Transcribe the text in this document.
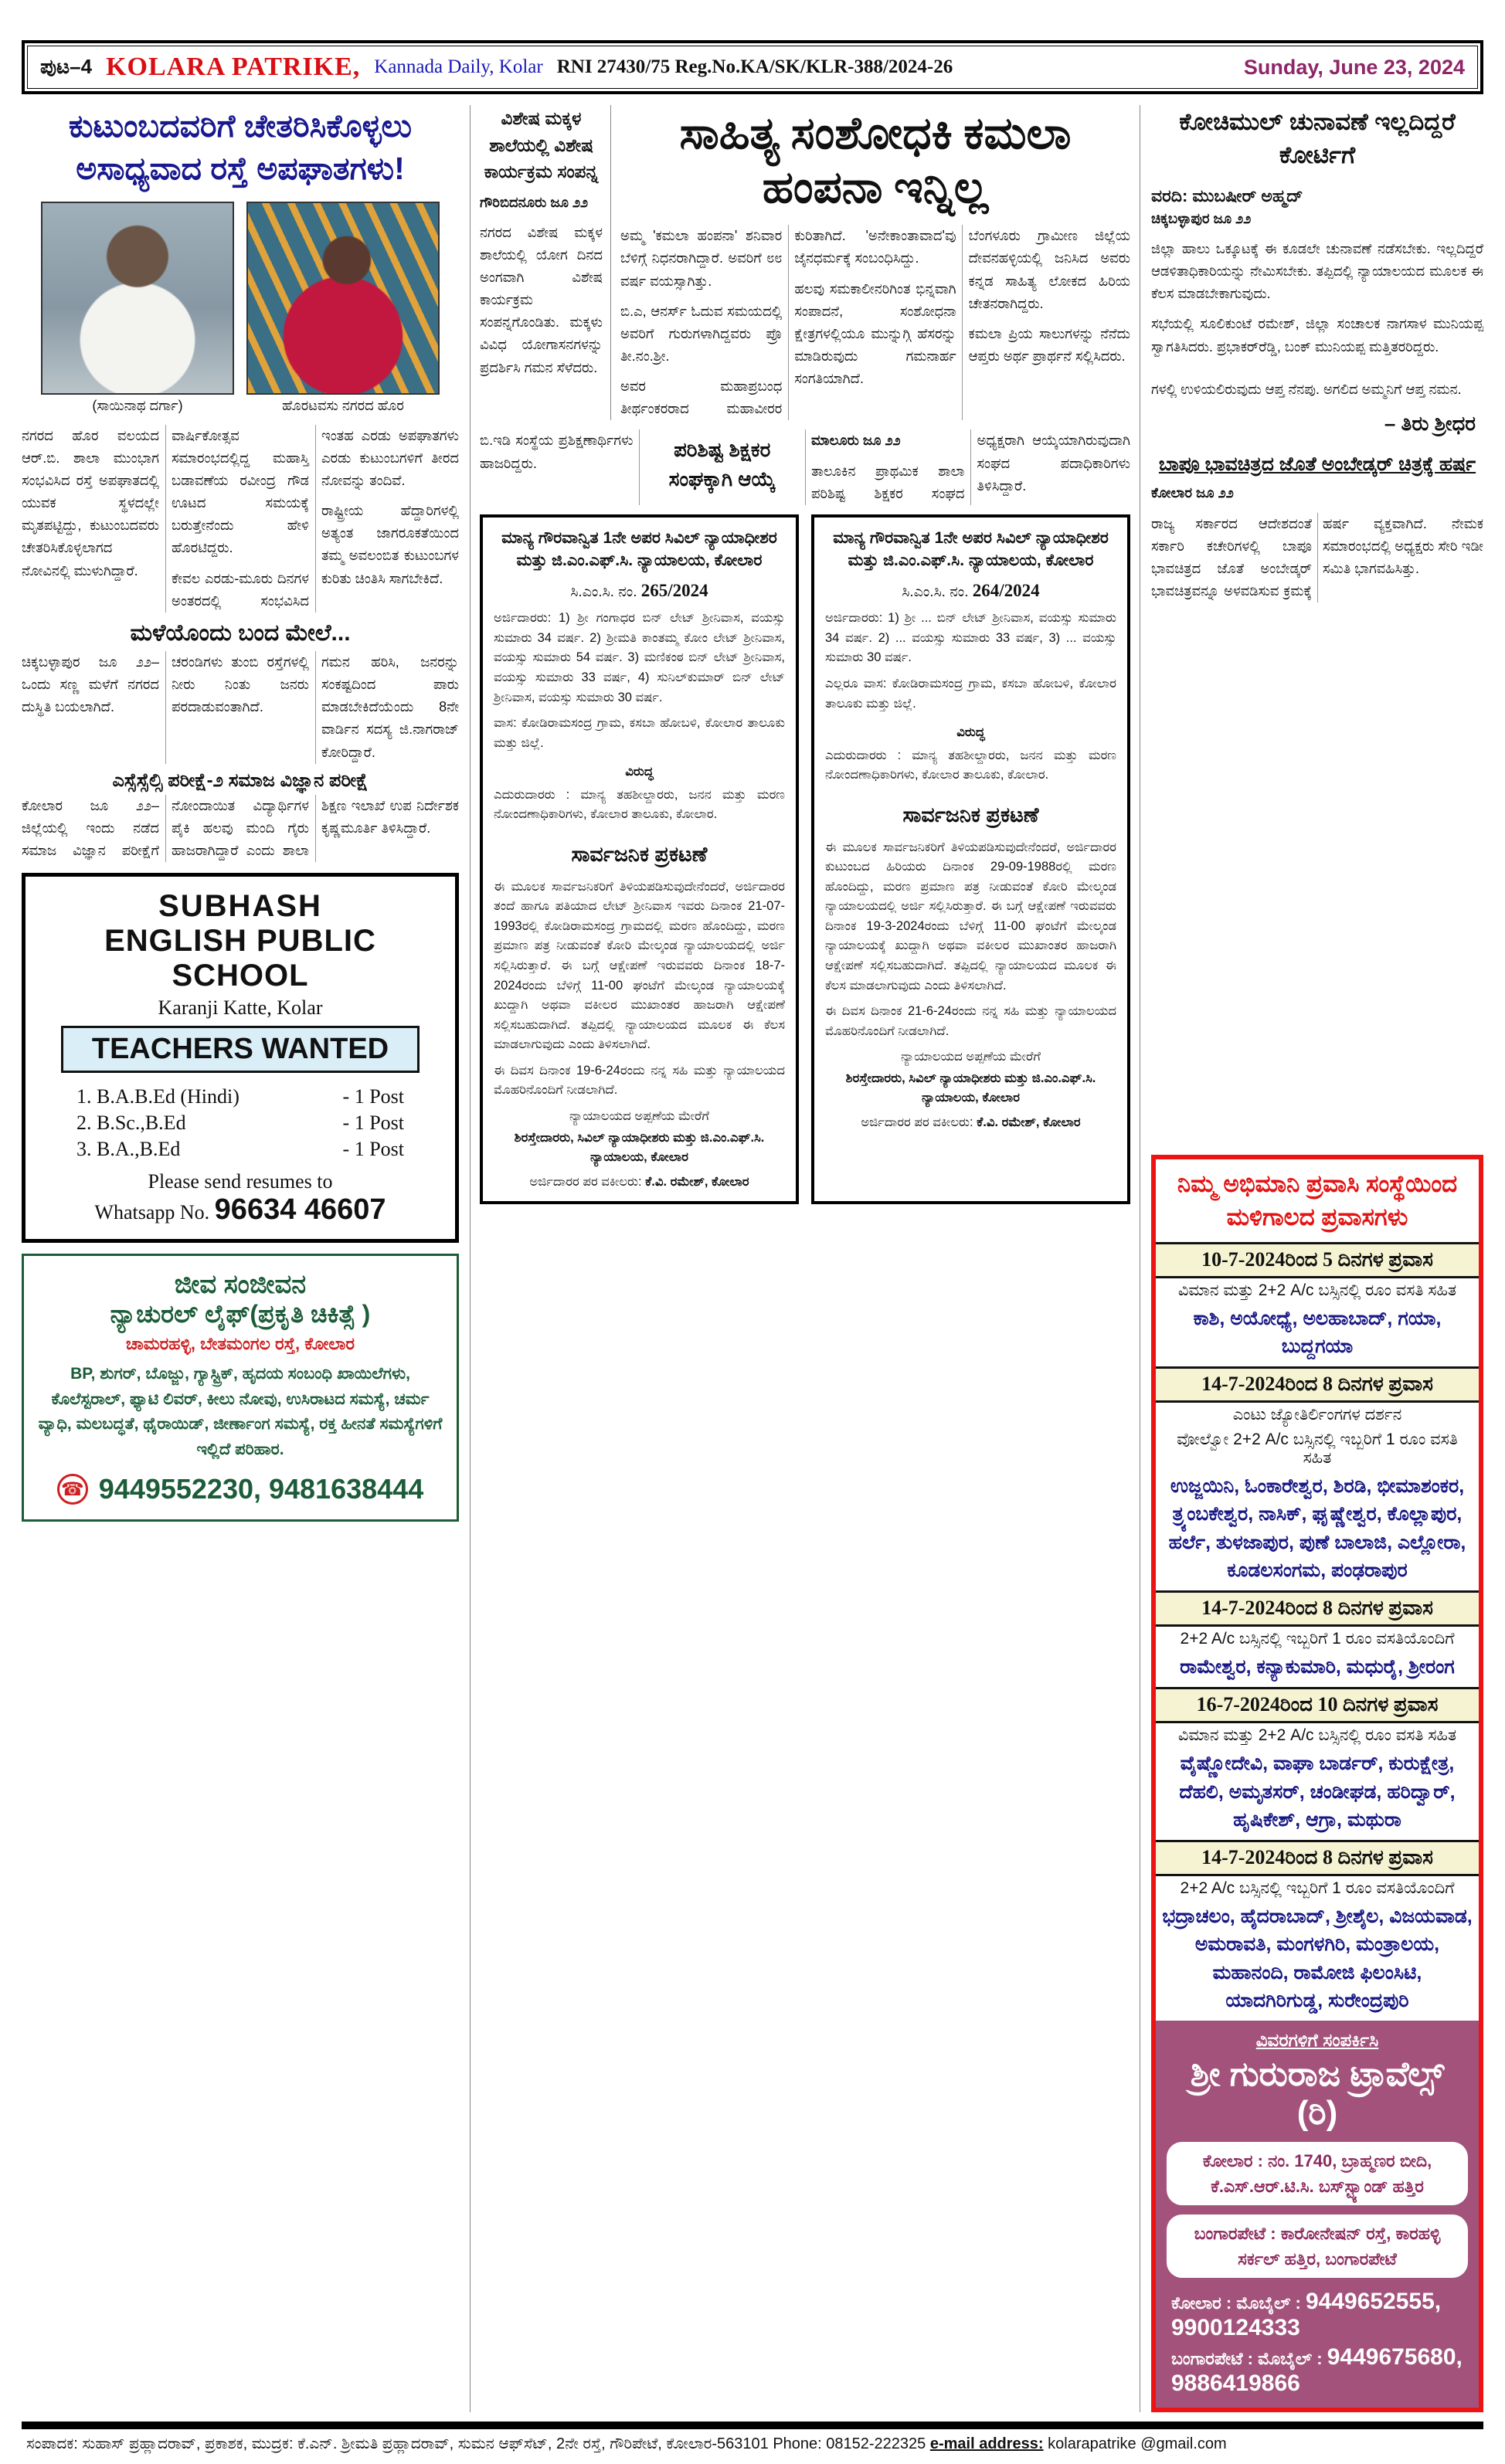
ಪುಟ–4 KOLARA PATRIKE, Kannada Daily, Kolar RNI 27430/75 Reg.No.KA/SK/KLR-388/2024-26	Sunday, June 23, 2024
ಕುಟುಂಬದವರಿಗೆ ಚೇತರಿಸಿಕೊಳ್ಳಲು ಅಸಾಧ್ಯವಾದ ರಸ್ತೆ ಅಪಘಾತಗಳು!
(ಸಾಯಿನಾಥ ದರ್ಗಾ)	ಹೊರಟವಸು ನಗರದ ಹೊರ

ನಗರದ ಹೊರ ವಲಯದ ಆರ್.ಬಿ. ಶಾಲಾ ಮುಂಭಾಗ ಸಂಭವಿಸಿದ ರಸ್ತೆ ಅಪಘಾತದಲ್ಲಿ ಯುವಕ ಸ್ಥಳದಲ್ಲೇ ಮೃತಪಟ್ಟಿದ್ದು, ಕುಟುಂಬದವರು ಚೇತರಿಸಿಕೊಳ್ಳಲಾಗದ ನೋವಿನಲ್ಲಿ ಮುಳುಗಿದ್ದಾರೆ.

ವಾರ್ಷಿಕೋತ್ಸವ ಸಮಾರಂಭದಲ್ಲಿದ್ದ ಮಹಾಸ್ತಿ ಬಡಾವಣೆಯ ರವೀಂದ್ರ ಗೌಡ ಊಟದ ಸಮಯಕ್ಕೆ ಬರುತ್ತೇನೆಂದು ಹೇಳಿ ಹೊರಟಿದ್ದರು.

ಕೇವಲ ಎರಡು-ಮೂರು ದಿನಗಳ ಅಂತರದಲ್ಲಿ ಸಂಭವಿಸಿದ ಇಂತಹ ಎರಡು ಅಪಘಾತಗಳು ಎರಡು ಕುಟುಂಬಗಳಿಗೆ ತೀರದ ನೋವನ್ನು ತಂದಿವೆ.

ರಾಷ್ಟ್ರೀಯ ಹೆದ್ದಾರಿಗಳಲ್ಲಿ ಅತ್ಯಂತ ಜಾಗರೂಕತೆಯಿಂದ ತಮ್ಮ ಅವಲಂಬಿತ ಕುಟುಂಬಗಳ ಕುರಿತು ಚಿಂತಿಸಿ ಸಾಗಬೇಕಿದೆ.

ಮಳೆಯೊಂದು ಬಂದ ಮೇಲೆ...

ಚಿಕ್ಕಬಳ್ಳಾಪುರ ಜೂ ೨೨– ಒಂದು ಸಣ್ಣ ಮಳೆಗೆ ನಗರದ ದುಸ್ಥಿತಿ ಬಯಲಾಗಿದೆ.

ಚರಂಡಿಗಳು ತುಂಬಿ ರಸ್ತೆಗಳಲ್ಲಿ ನೀರು ನಿಂತು ಜನರು ಪರದಾಡುವಂತಾಗಿದೆ.

ಗಮನ ಹರಿಸಿ, ಜನರನ್ನು ಸಂಕಷ್ಟದಿಂದ ಪಾರು ಮಾಡಬೇಕಿದೆಯೆಂದು 8ನೇ ವಾರ್ಡಿನ ಸದಸ್ಯ ಜಿ.ನಾಗರಾಜ್ ಕೋರಿದ್ದಾರೆ.

ಎಸ್ಸೆಸ್ಸೆಲ್ಸಿ ಪರೀಕ್ಷೆ-೨ ಸಮಾಜ ವಿಜ್ಞಾನ ಪರೀಕ್ಷೆ

ಕೋಲಾರ ಜೂ ೨೨– ಜಿಲ್ಲೆಯಲ್ಲಿ ಇಂದು ನಡೆದ ಸಮಾಜ ವಿಜ್ಞಾನ ಪರೀಕ್ಷೆಗೆ ನೋಂದಾಯಿತ ವಿದ್ಯಾರ್ಥಿಗಳ ಪೈಕಿ ಹಲವು ಮಂದಿ ಗೈರು ಹಾಜರಾಗಿದ್ದಾರೆ ಎಂದು ಶಾಲಾ ಶಿಕ್ಷಣ ಇಲಾಖೆ ಉಪ ನಿರ್ದೇಶಕ ಕೃಷ್ಣಮೂರ್ತಿ ತಿಳಿಸಿದ್ದಾರೆ.

SUBHASH
ENGLISH PUBLIC SCHOOL
Karanji Katte, Kolar
TEACHERS WANTED
1. B.A.B.Ed (Hindi)	- 1 Post
2. B.Sc.,B.Ed	- 1 Post
3. B.A.,B.Ed	- 1 Post
Please send resumes to
Whatsapp No. 96634 46607
ಜೀವ ಸಂಜೀವನ
ನ್ಯಾಚುರಲ್ ಲೈಫ್(ಪ್ರಕೃತಿ ಚಿಕಿತ್ಸೆ )
ಚಾಮರಹಳ್ಳಿ, ಬೇತಮಂಗಲ ರಸ್ತೆ, ಕೋಲಾರ
BP, ಶುಗರ್, ಬೊಜ್ಜು, ಗ್ಯಾಸ್ಟ್ರಿಕ್, ಹೃದಯ ಸಂಬಂಧಿ ಖಾಯಿಲೆಗಳು, ಕೊಲೆಸ್ಟರಾಲ್, ಫ್ಯಾಟಿ ಲಿವರ್, ಕೀಲು ನೋವು, ಉಸಿರಾಟದ ಸಮಸ್ಯೆ, ಚರ್ಮ ವ್ಯಾಧಿ, ಮಲಬದ್ಧತೆ, ಥೈರಾಯಿಡ್, ಜೀರ್ಣಾಂಗ ಸಮಸ್ಯೆ, ರಕ್ತ ಹೀನತೆ ಸಮಸ್ಯೆಗಳಿಗೆ ಇಲ್ಲಿದೆ ಪರಿಹಾರ.
☎ 9449552230, 9481638444
ವಿಶೇಷ ಮಕ್ಕಳ ಶಾಲೆಯಲ್ಲಿ ವಿಶೇಷ ಕಾರ್ಯಕ್ರಮ ಸಂಪನ್ನ

ಗೌರಿಬಿದನೂರು ಜೂ ೨೨

ನಗರದ ವಿಶೇಷ ಮಕ್ಕಳ ಶಾಲೆಯಲ್ಲಿ ಯೋಗ ದಿನದ ಅಂಗವಾಗಿ ವಿಶೇಷ ಕಾರ್ಯಕ್ರಮ ಸಂಪನ್ನಗೊಂಡಿತು. ಮಕ್ಕಳು ವಿವಿಧ ಯೋಗಾಸನಗಳನ್ನು ಪ್ರದರ್ಶಿಸಿ ಗಮನ ಸೆಳೆದರು.

ಸಾಹಿತ್ಯ ಸಂಶೋಧಕಿ ಕಮಲಾ ಹಂಪನಾ ಇನ್ನಿಲ್ಲ

ಅಮ್ಮ 'ಕಮಲಾ ಹಂಪನಾ' ಶನಿವಾರ ಬೆಳಿಗ್ಗೆ ನಿಧನರಾಗಿದ್ದಾರೆ. ಅವರಿಗೆ ೮೮ ವರ್ಷ ವಯಸ್ಸಾಗಿತ್ತು.

ಬಿ.ಎ, ಆನರ್ಸ್ ಓದುವ ಸಮಯದಲ್ಲಿ ಅವರಿಗೆ ಗುರುಗಳಾಗಿದ್ದವರು ಪ್ರೊ ತೀ.ನಂ.ಶ್ರೀ.

ಅವರ ಮಹಾಪ್ರಬಂಧ ತೀರ್ಥಂಕರರಾದ ಮಹಾವೀರರ ಕುರಿತಾಗಿದೆ. 'ಅನೇಕಾಂತಾವಾದ'ವು ಜೈನಧರ್ಮಕ್ಕೆ ಸಂಬಂಧಿಸಿದ್ದು.

ಹಲವು ಸಮಕಾಲೀನರಿಗಿಂತ ಭಿನ್ನವಾಗಿ ಸಂಪಾದನೆ, ಸಂಶೋಧನಾ ಕ್ಷೇತ್ರಗಳಲ್ಲಿಯೂ ಮುನ್ನುಗ್ಗಿ ಹೆಸರನ್ನು ಮಾಡಿರುವುದು ಗಮನಾರ್ಹ ಸಂಗತಿಯಾಗಿದೆ.

ಬೆಂಗಳೂರು ಗ್ರಾಮೀಣ ಜಿಲ್ಲೆಯ ದೇವನಹಳ್ಳಿಯಲ್ಲಿ ಜನಿಸಿದ ಅವರು ಕನ್ನಡ ಸಾಹಿತ್ಯ ಲೋಕದ ಹಿರಿಯ ಚೇತನರಾಗಿದ್ದರು.

ಕಮಲಾ ಪ್ರಿಯ ಸಾಲುಗಳನ್ನು ನೆನೆದು ಆಪ್ತರು ಅರ್ಥ ಪ್ರಾರ್ಥನೆ ಸಲ್ಲಿಸಿದರು.

ಬಿ.ಇಡಿ ಸಂಸ್ಥೆಯ ಪ್ರಶಿಕ್ಷಣಾರ್ಥಿಗಳು ಹಾಜರಿದ್ದರು.

ಪರಿಶಿಷ್ಟ ಶಿಕ್ಷಕರ ಸಂಘಕ್ಕಾಗಿ ಆಯ್ಕೆ

ಮಾಲೂರು ಜೂ ೨೨

ತಾಲೂಕಿನ ಪ್ರಾಥಮಿಕ ಶಾಲಾ ಪರಿಶಿಷ್ಟ ಶಿಕ್ಷಕರ ಸಂಘದ ಅಧ್ಯಕ್ಷರಾಗಿ ಆಯ್ಕೆಯಾಗಿರುವುದಾಗಿ ಸಂಘದ ಪದಾಧಿಕಾರಿಗಳು ತಿಳಿಸಿದ್ದಾರೆ.

ಮಾನ್ಯ ಗೌರವಾನ್ವಿತ 1ನೇ ಅಪರ ಸಿವಿಲ್ ನ್ಯಾಯಾಧೀಶರ ಮತ್ತು ಜಿ.ಎಂ.ಎಫ್.ಸಿ. ನ್ಯಾಯಾಲಯ, ಕೋಲಾರ
ಸಿ.ಎಂ.ಸಿ. ನಂ. 265/2024
ಅರ್ಜಿದಾರರು: 1) ಶ್ರೀ ಗಂಗಾಧರ ಬಿನ್ ಲೇಟ್ ಶ್ರೀನಿವಾಸ, ವಯಸ್ಸು ಸುಮಾರು 34 ವರ್ಷ. 2) ಶ್ರೀಮತಿ ಕಾಂತಮ್ಮ ಕೋಂ ಲೇಟ್ ಶ್ರೀನಿವಾಸ, ವಯಸ್ಸು ಸುಮಾರು 54 ವರ್ಷ. 3) ಮಣಿಕಂಠ ಬಿನ್ ಲೇಟ್ ಶ್ರೀನಿವಾಸ, ವಯಸ್ಸು ಸುಮಾರು 33 ವರ್ಷ, 4) ಸುನಿಲ್‌ಕುಮಾರ್ ಬಿನ್ ಲೇಟ್ ಶ್ರೀನಿವಾಸ, ವಯಸ್ಸು ಸುಮಾರು 30 ವರ್ಷ.
ವಾಸ: ಕೋಡಿರಾಮಸಂದ್ರ ಗ್ರಾಮ, ಕಸಬಾ ಹೋಬಳಿ, ಕೋಲಾರ ತಾಲೂಕು ಮತ್ತು ಜಿಲ್ಲೆ.
ವಿರುದ್ಧ
ಎದುರುದಾರರು : ಮಾನ್ಯ ತಹಶೀಲ್ದಾರರು, ಜನನ ಮತ್ತು ಮರಣ ನೋಂದಣಾಧಿಕಾರಿಗಳು, ಕೋಲಾರ ತಾಲೂಕು, ಕೋಲಾರ.
ಸಾರ್ವಜನಿಕ ಪ್ರಕಟಣೆ
ಈ ಮೂಲಕ ಸಾರ್ವಜನಿಕರಿಗೆ ತಿಳಿಯಪಡಿಸುವುದೇನೆಂದರೆ, ಅರ್ಜಿದಾರರ ತಂದೆ ಹಾಗೂ ಪತಿಯಾದ ಲೇಟ್ ಶ್ರೀನಿವಾಸ ಇವರು ದಿನಾಂಕ 21-07-1993ರಲ್ಲಿ ಕೋಡಿರಾಮಸಂದ್ರ ಗ್ರಾಮದಲ್ಲಿ ಮರಣ ಹೊಂದಿದ್ದು, ಮರಣ ಪ್ರಮಾಣ ಪತ್ರ ನೀಡುವಂತೆ ಕೋರಿ ಮೇಲ್ಕಂಡ ನ್ಯಾಯಾಲಯದಲ್ಲಿ ಅರ್ಜಿ ಸಲ್ಲಿಸಿರುತ್ತಾರೆ. ಈ ಬಗ್ಗೆ ಆಕ್ಷೇಪಣೆ ಇರುವವರು ದಿನಾಂಕ 18-7-2024ರಂದು ಬೆಳಿಗ್ಗೆ 11-00 ಘಂಟೆಗೆ ಮೇಲ್ಕಂಡ ನ್ಯಾಯಾಲಯಕ್ಕೆ ಖುದ್ದಾಗಿ ಅಥವಾ ವಕೀಲರ ಮುಖಾಂತರ ಹಾಜರಾಗಿ ಆಕ್ಷೇಪಣೆ ಸಲ್ಲಿಸಬಹುದಾಗಿದೆ. ತಪ್ಪಿದಲ್ಲಿ ನ್ಯಾಯಾಲಯದ ಮೂಲಕ ಈ ಕೆಲಸ ಮಾಡಲಾಗುವುದು ಎಂದು ತಿಳಿಸಲಾಗಿದೆ.
ಈ ದಿವಸ ದಿನಾಂಕ 19-6-24ರಂದು ನನ್ನ ಸಹಿ ಮತ್ತು ನ್ಯಾಯಾಲಯದ ಮೊಹರಿನೊಂದಿಗೆ ನೀಡಲಾಗಿದೆ.
ನ್ಯಾಯಾಲಯದ ಅಪ್ಪಣೆಯ ಮೇರೆಗೆ
ಶಿರಸ್ತೇದಾರರು, ಸಿವಿಲ್ ನ್ಯಾಯಾಧೀಶರು ಮತ್ತು ಜಿ.ಎಂ.ಎಫ್.ಸಿ. ನ್ಯಾಯಾಲಯ, ಕೋಲಾರ
ಅರ್ಜಿದಾರರ ಪರ ವಕೀಲರು: ಕೆ.ವಿ. ರಮೇಶ್, ಕೋಲಾರ
ಮಾನ್ಯ ಗೌರವಾನ್ವಿತ 1ನೇ ಅಪರ ಸಿವಿಲ್ ನ್ಯಾಯಾಧೀಶರ ಮತ್ತು ಜಿ.ಎಂ.ಎಫ್.ಸಿ. ನ್ಯಾಯಾಲಯ, ಕೋಲಾರ
ಸಿ.ಎಂ.ಸಿ. ನಂ. 264/2024
ಅರ್ಜಿದಾರರು: 1) ಶ್ರೀ ... ಬಿನ್ ಲೇಟ್ ಶ್ರೀನಿವಾಸ, ವಯಸ್ಸು ಸುಮಾರು 34 ವರ್ಷ. 2) ... ವಯಸ್ಸು ಸುಮಾರು 33 ವರ್ಷ, 3) ... ವಯಸ್ಸು ಸುಮಾರು 30 ವರ್ಷ.
ಎಲ್ಲರೂ ವಾಸ: ಕೋಡಿರಾಮಸಂದ್ರ ಗ್ರಾಮ, ಕಸಬಾ ಹೋಬಳಿ, ಕೋಲಾರ ತಾಲೂಕು ಮತ್ತು ಜಿಲ್ಲೆ.
ವಿರುದ್ಧ
ಎದುರುದಾರರು : ಮಾನ್ಯ ತಹಶೀಲ್ದಾರರು, ಜನನ ಮತ್ತು ಮರಣ ನೋಂದಣಾಧಿಕಾರಿಗಳು, ಕೋಲಾರ ತಾಲೂಕು, ಕೋಲಾರ.
ಸಾರ್ವಜನಿಕ ಪ್ರಕಟಣೆ
ಈ ಮೂಲಕ ಸಾರ್ವಜನಿಕರಿಗೆ ತಿಳಿಯಪಡಿಸುವುದೇನೆಂದರೆ, ಅರ್ಜಿದಾರರ ಕುಟುಂಬದ ಹಿರಿಯರು ದಿನಾಂಕ 29-09-1988ರಲ್ಲಿ ಮರಣ ಹೊಂದಿದ್ದು, ಮರಣ ಪ್ರಮಾಣ ಪತ್ರ ನೀಡುವಂತೆ ಕೋರಿ ಮೇಲ್ಕಂಡ ನ್ಯಾಯಾಲಯದಲ್ಲಿ ಅರ್ಜಿ ಸಲ್ಲಿಸಿರುತ್ತಾರೆ. ಈ ಬಗ್ಗೆ ಆಕ್ಷೇಪಣೆ ಇರುವವರು ದಿನಾಂಕ 19-3-2024ರಂದು ಬೆಳಿಗ್ಗೆ 11-00 ಘಂಟೆಗೆ ಮೇಲ್ಕಂಡ ನ್ಯಾಯಾಲಯಕ್ಕೆ ಖುದ್ದಾಗಿ ಅಥವಾ ವಕೀಲರ ಮುಖಾಂತರ ಹಾಜರಾಗಿ ಆಕ್ಷೇಪಣೆ ಸಲ್ಲಿಸಬಹುದಾಗಿದೆ. ತಪ್ಪಿದಲ್ಲಿ ನ್ಯಾಯಾಲಯದ ಮೂಲಕ ಈ ಕೆಲಸ ಮಾಡಲಾಗುವುದು ಎಂದು ತಿಳಿಸಲಾಗಿದೆ.
ಈ ದಿವಸ ದಿನಾಂಕ 21-6-24ರಂದು ನನ್ನ ಸಹಿ ಮತ್ತು ನ್ಯಾಯಾಲಯದ ಮೊಹರಿನೊಂದಿಗೆ ನೀಡಲಾಗಿದೆ.
ನ್ಯಾಯಾಲಯದ ಅಪ್ಪಣೆಯ ಮೇರೆಗೆ
ಶಿರಸ್ತೇದಾರರು, ಸಿವಿಲ್ ನ್ಯಾಯಾಧೀಶರು ಮತ್ತು ಜಿ.ಎಂ.ಎಫ್.ಸಿ. ನ್ಯಾಯಾಲಯ, ಕೋಲಾರ
ಅರ್ಜಿದಾರರ ಪರ ವಕೀಲರು: ಕೆ.ವಿ. ರಮೇಶ್, ಕೋಲಾರ
ಕೋಚಿಮುಲ್ ಚುನಾವಣೆ ಇಲ್ಲದಿದ್ದರೆ ಕೋರ್ಟಿಗೆ
ವರದಿ: ಮುಬಷೀರ್ ಅಹ್ಮದ್

ಚಿಕ್ಕಬಳ್ಳಾಪುರ ಜೂ ೨೨

ಜಿಲ್ಲಾ ಹಾಲು ಒಕ್ಕೂಟಕ್ಕೆ ಈ ಕೂಡಲೇ ಚುನಾವಣೆ ನಡೆಸಬೇಕು. ಇಲ್ಲದಿದ್ದರೆ ಆಡಳಿತಾಧಿಕಾರಿಯನ್ನು ನೇಮಿಸಬೇಕು. ತಪ್ಪಿದಲ್ಲಿ ನ್ಯಾಯಾಲಯದ ಮೂಲಕ ಈ ಕೆಲಸ ಮಾಡಬೇಕಾಗುವುದು.

ಸಭೆಯಲ್ಲಿ ಸೂಲಿಕುಂಟೆ ರಮೇಶ್, ಜಿಲ್ಲಾ ಸಂಚಾಲಕ ನಾಗಸಾಳ ಮುನಿಯಪ್ಪ ಸ್ವಾಗತಿಸಿದರು. ಪ್ರಭಾಕರ್‌ರೆಡ್ಡಿ, ಬಂಕ್ ಮುನಿಯಪ್ಪ ಮತ್ತಿತರರಿದ್ದರು.

ಗಳಲ್ಲಿ ಉಳಿಯಲಿರುವುದು ಆಪ್ತ ನೆನಪು. ಅಗಲಿದ ಅಮ್ಮನಿಗೆ ಆಪ್ತ ನಮನ.

– ತಿರು ಶ್ರೀಧರ
ಬಾಪೂ ಭಾವಚಿತ್ರದ ಜೊತೆ ಅಂಬೇಡ್ಕರ್ ಚಿತ್ರಕ್ಕೆ ಹರ್ಷ

ಕೋಲಾರ ಜೂ ೨೨

ರಾಜ್ಯ ಸರ್ಕಾರದ ಆದೇಶದಂತೆ ಸರ್ಕಾರಿ ಕಚೇರಿಗಳಲ್ಲಿ ಬಾಪೂ ಭಾವಚಿತ್ರದ ಜೊತೆ ಅಂಬೇಡ್ಕರ್ ಭಾವಚಿತ್ರವನ್ನೂ ಅಳವಡಿಸುವ ಕ್ರಮಕ್ಕೆ ಹರ್ಷ ವ್ಯಕ್ತವಾಗಿದೆ. ನೇಮಕ ಸಮಾರಂಭದಲ್ಲಿ ಅಧ್ಯಕ್ಷರು ಸೇರಿ ಇಡೀ ಸಮಿತಿ ಭಾಗವಹಿಸಿತ್ತು.

ನಿಮ್ಮ ಅಭಿಮಾನಿ ಪ್ರವಾಸಿ ಸಂಸ್ಥೆಯಿಂದ
ಮಳಿಗಾಲದ ಪ್ರವಾಸಗಳು
10-7-2024ರಿಂದ 5 ದಿನಗಳ ಪ್ರವಾಸ
ವಿಮಾನ ಮತ್ತು 2+2 A/c ಬಸ್ಸಿನಲ್ಲಿ ರೂಂ ವಸತಿ ಸಹಿತ
ಕಾಶಿ, ಅಯೋಧ್ಯೆ, ಅಲಹಾಬಾದ್, ಗಯಾ, ಬುದ್ದಗಯಾ
14-7-2024ರಿಂದ 8 ದಿನಗಳ ಪ್ರವಾಸ
ಎಂಟು ಜ್ಯೋತಿರ್ಲಿಂಗಗಳ ದರ್ಶನ
ವೋಲ್ವೋ 2+2 A/c ಬಸ್ಸಿನಲ್ಲಿ ಇಬ್ಬರಿಗೆ 1 ರೂಂ ವಸತಿ ಸಹಿತ
ಉಜ್ಜಯಿನಿ, ಓಂಕಾರೇಶ್ವರ, ಶಿರಡಿ, ಭೀಮಾಶಂಕರ, ತ್ರ್ಯಂಬಕೇಶ್ವರ, ನಾಸಿಕ್, ಘೃಷ್ಣೇಶ್ವರ, ಕೊಲ್ಲಾಪುರ, ಹರ್ಲೆ, ತುಳಜಾಪುರ, ಪುಣೆ ಬಾಲಾಜಿ, ಎಲ್ಲೋರಾ, ಕೂಡಲಸಂಗಮ, ಪಂಢರಾಪುರ
14-7-2024ರಿಂದ 8 ದಿನಗಳ ಪ್ರವಾಸ
2+2 A/c ಬಸ್ಸಿನಲ್ಲಿ ಇಬ್ಬರಿಗೆ 1 ರೂಂ ವಸತಿಯೊಂದಿಗೆ
ರಾಮೇಶ್ವರ, ಕನ್ಯಾಕುಮಾರಿ, ಮಧುರೈ, ಶ್ರೀರಂಗ
16-7-2024ರಿಂದ 10 ದಿನಗಳ ಪ್ರವಾಸ
ವಿಮಾನ ಮತ್ತು 2+2 A/c ಬಸ್ಸಿನಲ್ಲಿ ರೂಂ ವಸತಿ ಸಹಿತ
ವೈಷ್ಣೋದೇವಿ, ವಾಘಾ ಬಾರ್ಡರ್, ಕುರುಕ್ಷೇತ್ರ, ದೆಹಲಿ, ಅಮೃತಸರ್, ಚಂಡೀಘಡ, ಹರಿದ್ವಾರ್, ಹೃಷಿಕೇಶ್, ಆಗ್ರಾ, ಮಥುರಾ
14-7-2024ರಿಂದ 8 ದಿನಗಳ ಪ್ರವಾಸ
2+2 A/c ಬಸ್ಸಿನಲ್ಲಿ ಇಬ್ಬರಿಗೆ 1 ರೂಂ ವಸತಿಯೊಂದಿಗೆ
ಭದ್ರಾಚಲಂ, ಹೈದರಾಬಾದ್, ಶ್ರೀಶೈಲ, ವಿಜಯವಾಡ, ಅಮರಾವತಿ, ಮಂಗಳಗಿರಿ, ಮಂತ್ರಾಲಯ, ಮಹಾನಂದಿ, ರಾಮೋಜಿ ಫಿಲಂಸಿಟಿ, ಯಾದಗಿರಿಗುಡ್ಡ, ಸುರೇಂದ್ರಪುರಿ
ವಿವರಗಳಿಗೆ ಸಂಪರ್ಕಿಸಿ
ಶ್ರೀ ಗುರುರಾಜ ಟ್ರಾವೆಲ್ಸ್ (ರಿ)
ಕೋಲಾರ : ನಂ. 1740, ಬ್ರಾಹ್ಮಣರ ಬೀದಿ, ಕೆ.ಎಸ್.ಆರ್.ಟಿ.ಸಿ. ಬಸ್‌ಸ್ಟ್ಯಾಂಡ್ ಹತ್ತಿರ
ಬಂಗಾರಪೇಟೆ : ಕಾರೋನೇಷನ್ ರಸ್ತೆ, ಕಾರಹಳ್ಳಿ ಸರ್ಕಲ್ ಹತ್ತಿರ, ಬಂಗಾರಪೇಟೆ
ಕೋಲಾರ : ಮೊಬೈಲ್ : 9449652555, 9900124333
ಬಂಗಾರಪೇಟೆ : ಮೊಬೈಲ್ : 9449675680, 9886419866
ಸಂಪಾದಕ: ಸುಹಾಸ್ ಪ್ರಹ್ಲಾದರಾವ್, ಪ್ರಕಾಶಕ, ಮುದ್ರಕ: ಕೆ.ಎನ್. ಶ್ರೀಮತಿ ಪ್ರಹ್ಲಾದರಾವ್, ಸುಮನ ಆಫ್‌ಸೆಟ್, 2ನೇ ರಸ್ತೆ, ಗೌರಿಪೇಟೆ, ಕೋಲಾರ-563101 Phone: 08152-222325 e-mail address: kolarapatrike @gmail.com
